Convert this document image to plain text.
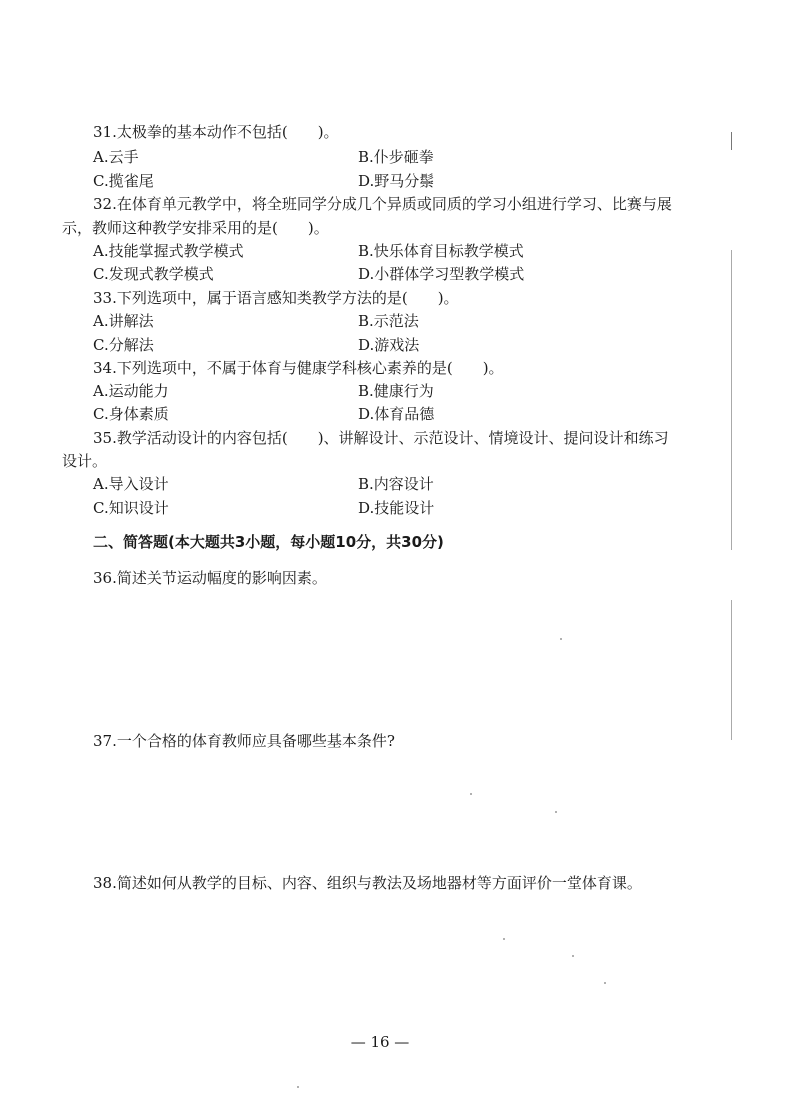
31.太极拳的基本动作不包括(　　)。
A.云手	B.仆步砸拳
C.揽雀尾	D.野马分鬃
32.在体育单元教学中，将全班同学分成几个异质或同质的学习小组进行学习、比赛与展
示，教师这种教学安排采用的是(　　)。
A.技能掌握式教学模式	B.快乐体育目标教学模式
C.发现式教学模式	D.小群体学习型教学模式
33.下列选项中，属于语言感知类教学方法的是(　　)。
A.讲解法	B.示范法
C.分解法	D.游戏法
34.下列选项中，不属于体育与健康学科核心素养的是(　　)。
A.运动能力	B.健康行为
C.身体素质	D.体育品德
35.教学活动设计的内容包括(　　)、讲解设计、示范设计、情境设计、提问设计和练习
设计。
A.导入设计	B.内容设计
C.知识设计	D.技能设计
二、简答题(本大题共3小题，每小题10分，共30分)
36.简述关节运动幅度的影响因素。
37.一个合格的体育教师应具备哪些基本条件?
38.简述如何从教学的目标、内容、组织与教法及场地器材等方面评价一堂体育课。
— 16 —
